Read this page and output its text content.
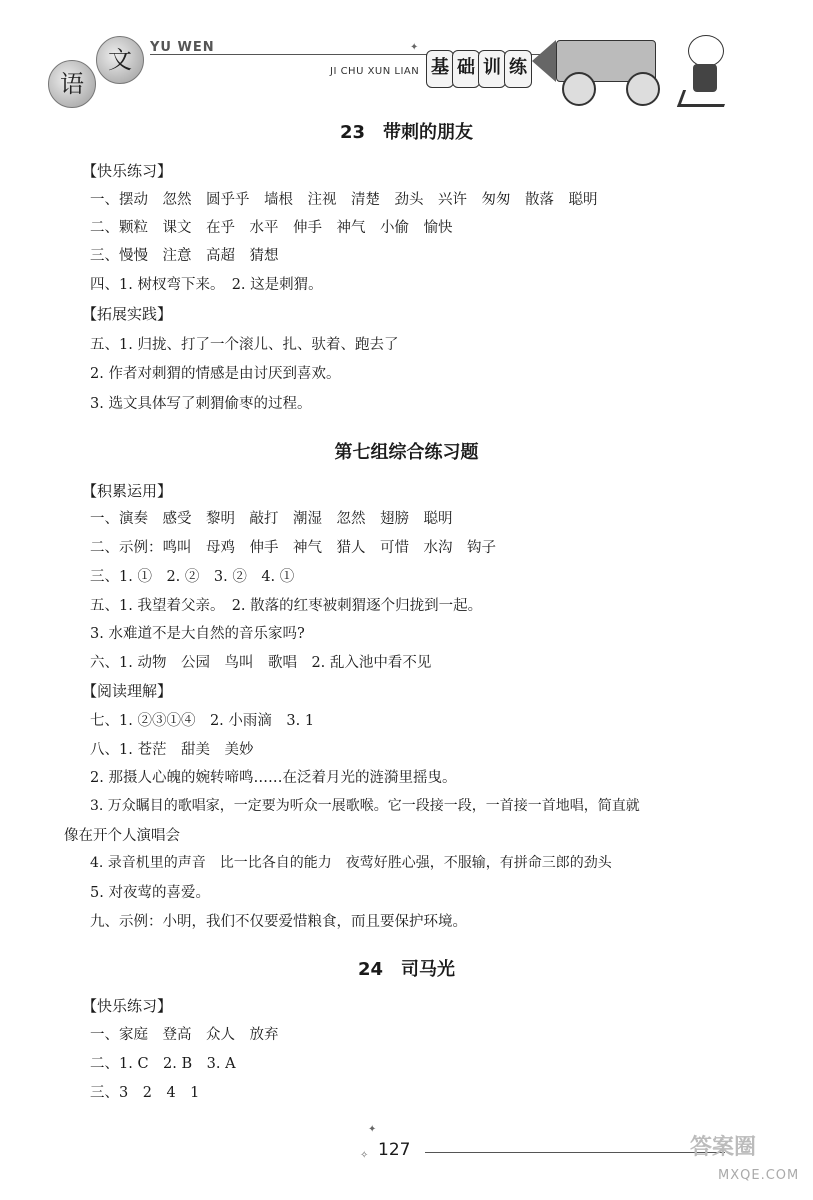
语
文	YU WEN
JI CHU XUN LIAN
✦
基 础 训 练
23　带刺的朋友
【快乐练习】
一、摆动　忽然　圆乎乎　墙根　注视　清楚　劲头　兴许　匆匆　散落　聪明
二、颗粒　课文　在乎　水平　伸手　神气　小偷　愉快
三、慢慢　注意　高超　猜想
四、1. 树杈弯下来。　2. 这是刺猬。
【拓展实践】
五、1. 归拢、打了一个滚儿、扎、驮着、跑去了
2. 作者对刺猬的情感是由讨厌到喜欢。
3. 选文具体写了刺猬偷枣的过程。
第七组综合练习题
【积累运用】
一、演奏　感受　黎明　敲打　潮湿　忽然　翅膀　聪明
二、示例：鸣叫　母鸡　伸手　神气　猎人　可惜　水沟　钩子
三、1. ①　2. ②　3. ②　4. ①
五、1. 我望着父亲。　2. 散落的红枣被刺猬逐个归拢到一起。
3. 水难道不是大自然的音乐家吗?
六、1. 动物　公园　鸟叫　歌唱　2. 乱入池中看不见
【阅读理解】
七、1. ②③①④　2. 小雨滴　3. 1
八、1. 苍茫　甜美　美妙
2. 那摄人心魄的婉转啼鸣……在泛着月光的涟漪里摇曳。
3. 万众瞩目的歌唱家，一定要为听众一展歌喉。它一段接一段，一首接一首地唱，简直就
像在开个人演唱会
4. 录音机里的声音　比一比各自的能力　夜莺好胜心强，不服输，有拼命三郎的劲头
5. 对夜莺的喜爱。
九、示例：小明，我们不仅要爱惜粮食，而且要保护环境。
24　司马光
【快乐练习】
一、家庭　登高　众人　放弃
二、1. C　2. B　3. A
三、3　2　4　1
✦
✧ 127	答案圈
MXQE.COM
